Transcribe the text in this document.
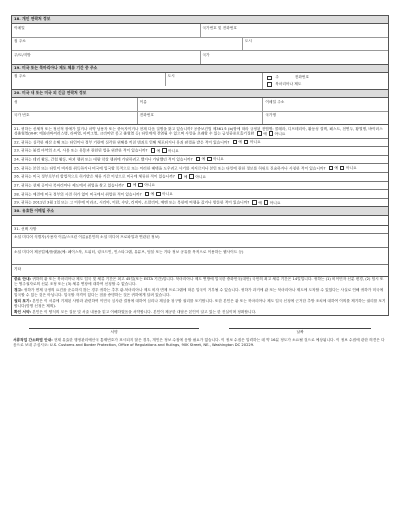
18. 개인 연락처 정보
이메일	국가번호 및 전화번호
집 주소	도시
주/도/지방	국가
19. 미국 또는 북마리아나 제도 체류 기간 중 주소
집 주소	도시	주	전화번호
북마리아나 제도
20. 미국 내 또는 미국 외 긴급 연락처 정보
성	이름	이메일 주소
국가 번호	전화번호	국가명
21. 귀하는 신체적 또는 정신적 장애가 있거나 마약 남용자 또는 중독자이거나 현재 다음 질병을 앓고 있습니까? 공중보건법 제361조 (b)항에 따라 규정된 전염병: 콜레라, 디프테리아, 활동성 결핵, 페스트, 천연두, 황열병, 바이러스성출혈열(VHF: 에볼라바이러스병, 라싸열, 마버그열, 크리미안 콩고 출혈열 등) 타인에게 전염될 수 있으며 사망을 초래할 수 있는 급성중증호흡기질환 예 아니요
22. 귀하는 심각한 재산 손해 또는 타인이나 정부 기관에 심각한 위해를 끼친 범죄로 인해 체포되거나 유죄 판결을 받은 적이 있습니까? 예 아니요
23. 귀하는 불법 마약의 소지, 사용 또는 유통과 관련된 법을 위반한 적이 있습니까? 예 아니요
24. 귀하는 테러 활동, 간첩 활동, 파괴 행위 또는 대량 학살 행위에 가담하려고 했거나 가담했던 적이 있습니까? 예 아니요
25. 귀하는 본인 또는 타인이 비자를 취득하거나 미국에 입국할 목적으로 또는 이러한 혜택을 도우려고 사기를 저지르거나 본인 또는 타인에 관한 정보를 허위로 진술하거나 사칭한 적이 있습니까? 예 아니요
26. 귀하는 미국 정부로부터 합법적으로 허가받은 체류 기간 이상으로 미국에 체류한 적이 있습니까? 예 아니요
27. 귀하는 현재 공이나 북마리아나 제도에서 취업을 찾고 있습니까? 예 아니요
28. 귀하는 예전에 미국 정부의 사전 허가 없이 미국에서 취업한 적이 있습니까? 예 아니요
29. 귀하는 2011년 3월 1일 또는 그 이후에 이라크, 시리아, 이란, 수단, 리비아, 소말리아, 예멘 또는 북한에 여행을 갔거나 방문한 적이 있습니까? 예 아니요
30. 유효한 이메일 주소
31. 선택 사항
소셜 미디어 식별자(사용자 이름/스크린 이름)/본인의 소셜 미디어 프로파일과 연관된 정보)
소셜 미디어 제공업체/플랫폼(예: 페이스북, 트위터, 링크드인, 인스타그램, 유튜브, 텀블 또는 기타 정보 공유를 목적으로 이용하는 웹사이트 등)
기타

중요 안내: 귀하의 괌 또는 북마리아나 제도 입국 및 체류 기간은 최고 45일(또는 ESTA 기간)입니다. 북마리아나 제도 연방에 입국한 중화민국(대만) 국민의 최고 체류 기간은 14일입니다. 귀하는 (1) 비이민자 신분 변경, (2) 임시 또는 영주권자로의 신분 조정 또는 (3) 체류 연장에 대하여 신청할 수 없습니다.

경고: 귀하가 면제 규정의 요건을 준수하지 않는 경우 귀하는 추후 괌-북마리아나 제도 비자 면제 프로그램에 따른 입국이 거부될 수 있습니다. 귀하가 과거에 괌 또는 북마리아나 제도에 도착할 수 있었다는 사실로 인해 귀하가 미국에 입국할 수 있는 것은 아닙니다. 입국할 자격이 있다는 점을 증명하는 것은 귀하에게 달려 있습니다.

권리 포기: 본인은 이 서류에 기재된 사항과 관련하여 이민국 심사관 결정에 대하여 심리나 재심을 청구할 권리를 포기합니다. 또한 본인은 괌 또는 북마리아나 제도 입국 신청에 근거한 추방 조치에 대하여 이의를 제기하는 권리를 포기합니다(망명 신청은 제외).

확인 서약: 본인은 이 양식의 모든 질문 및 서술 내용을 읽고 이해하였음을 서약합니다. 본인이 제공한 대답은 본인이 알고 있는 한 진실이며 정확합니다.

서명	날짜
서류작업 간소화법 안내: 현재 유효한 행정관리예산국 통제번호가 표시되지 않은 경우, 개인은 정보 수집에 응할 필요가 없습니다. 이 정보 수집은 입력하는 데 약 16분 정도가 소요될 것으로 예상됩니다. 이 정보 수집에 관한 의견은 다음으로 보내 주십시오: U.S. Customs and Border Protection, Office of Regulations and Rulings, 90K Street, NE., Washington DC 20229.
